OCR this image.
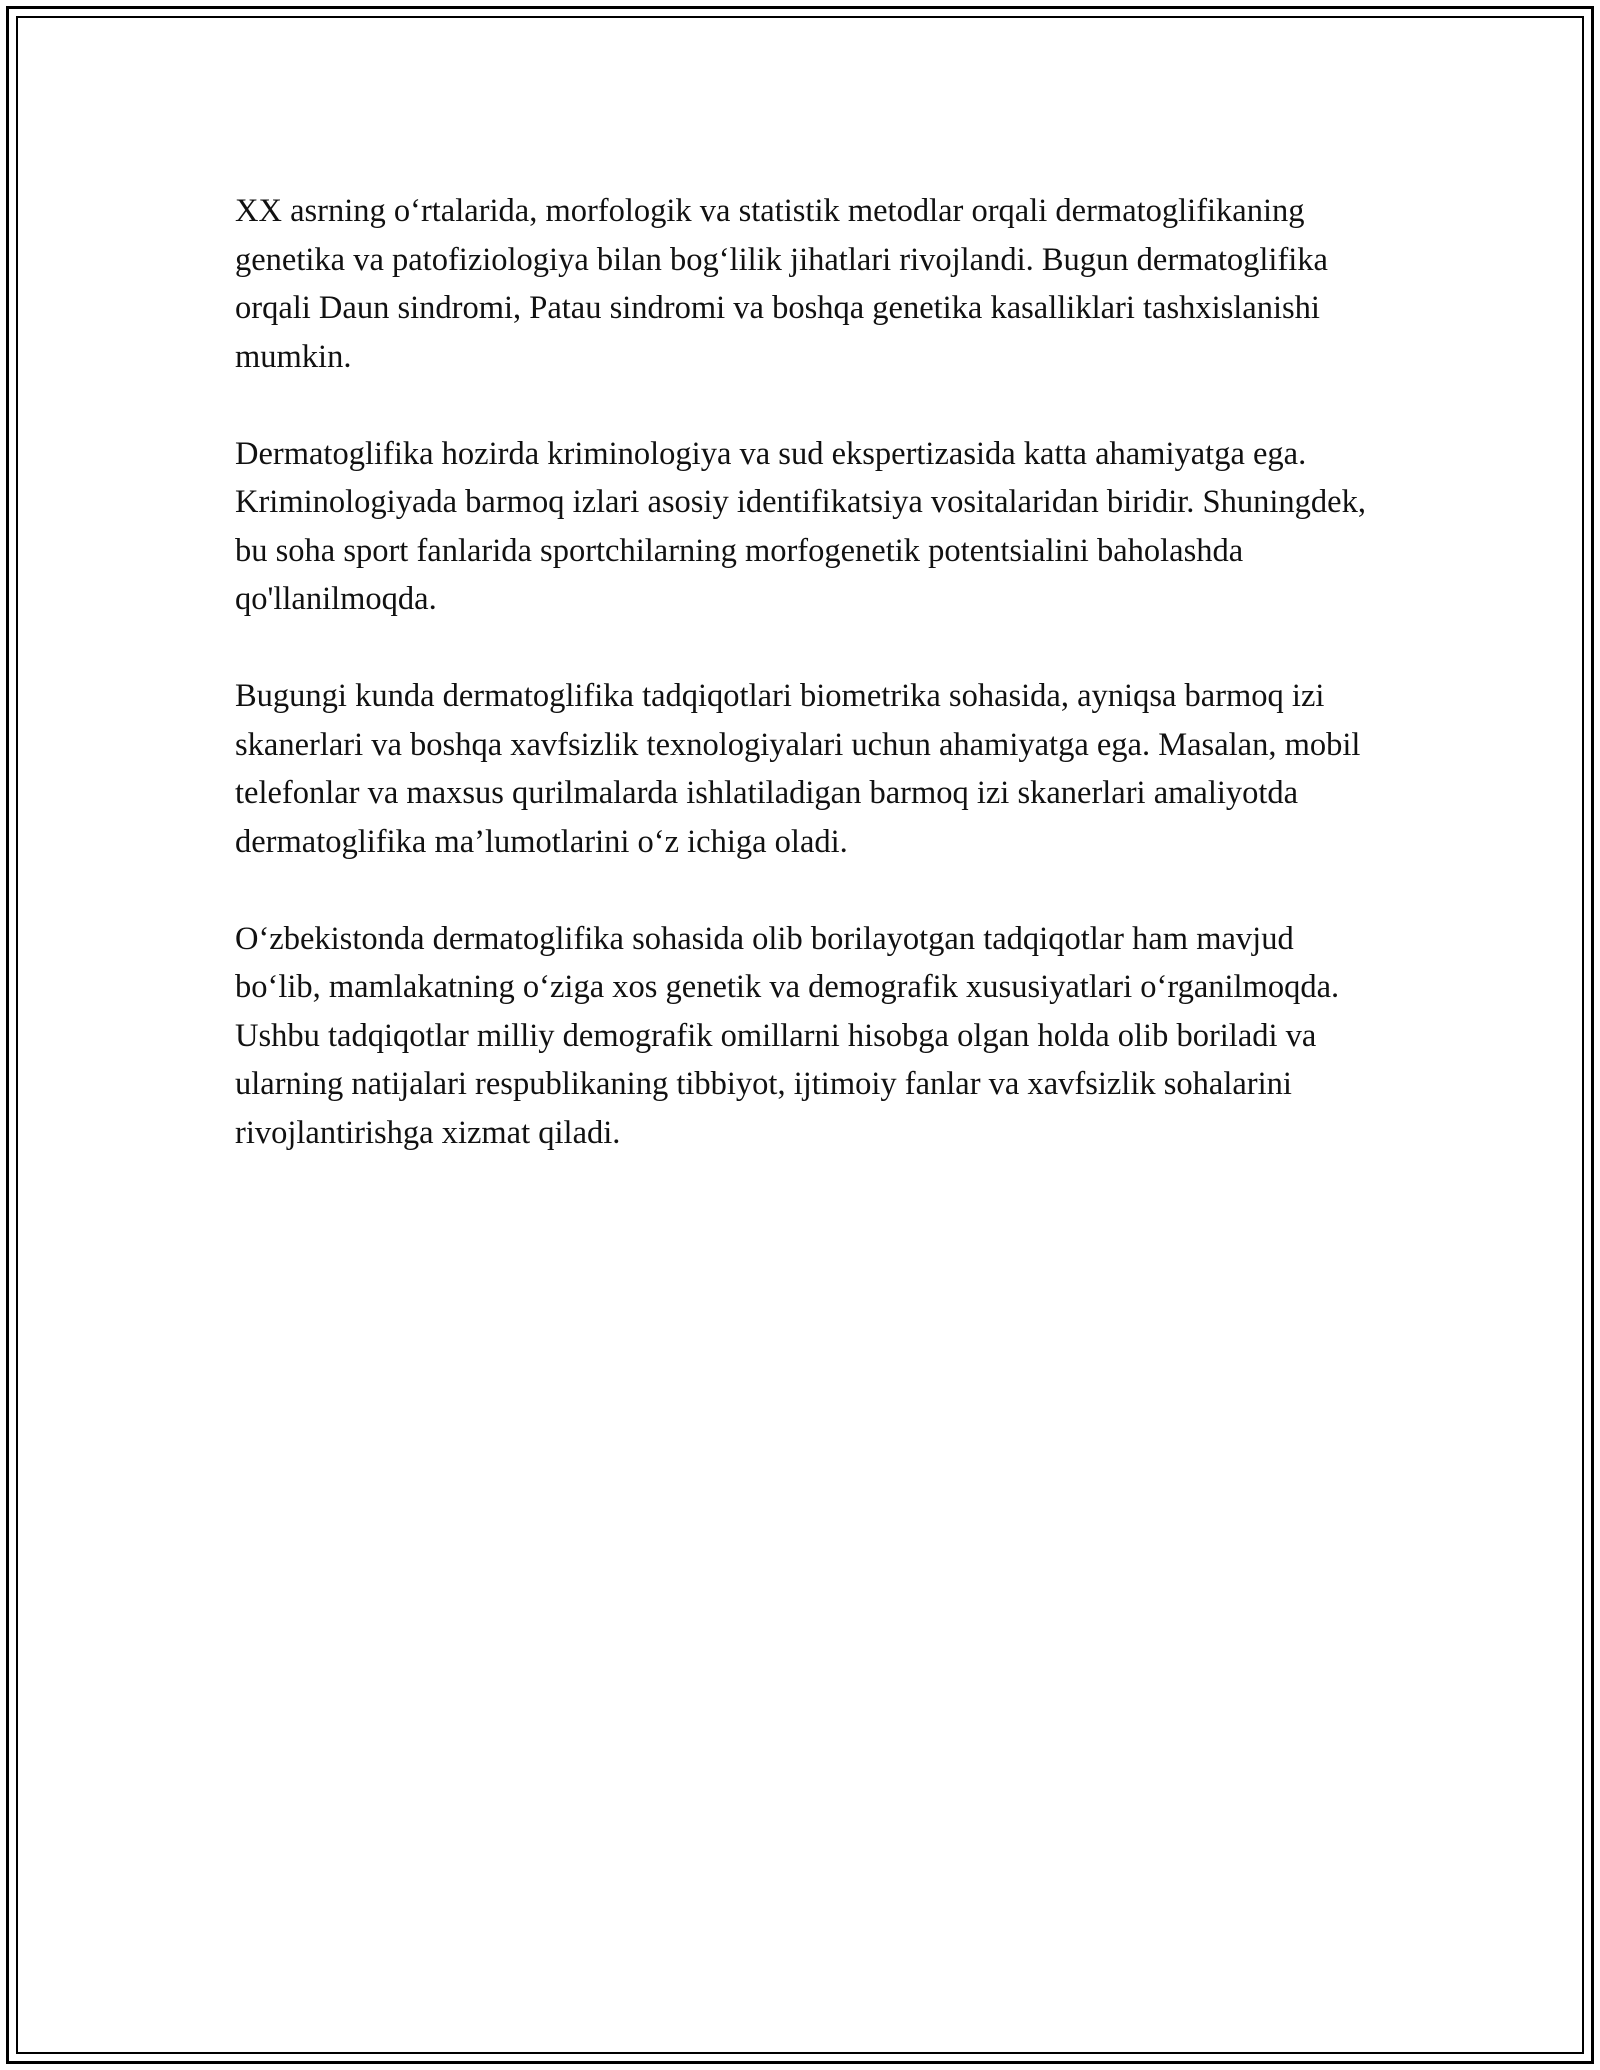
XX asrning o‘rtalarida, morfologik va statistik metodlar orqali dermatoglifikaning genetika va patofiziologiya bilan bog‘lilik jihatlari rivojlandi. Bugun dermatoglifika orqali Daun sindromi, Patau sindromi va boshqa genetika kasalliklari tashxislanishi mumkin.

Dermatoglifika hozirda kriminologiya va sud ekspertizasida katta ahamiyatga ega. Kriminologiyada barmoq izlari asosiy identifikatsiya vositalaridan biridir. Shuningdek, bu soha sport fanlarida sportchilarning morfogenetik potentsialini baholashda qo'llanilmoqda.

Bugungi kunda dermatoglifika tadqiqotlari biometrika sohasida, ayniqsa barmoq izi skanerlari va boshqa xavfsizlik texnologiyalari uchun ahamiyatga ega. Masalan, mobil telefonlar va maxsus qurilmalarda ishlatiladigan barmoq izi skanerlari amaliyotda dermatoglifika ma’lumotlarini o‘z ichiga oladi.

O‘zbekistonda dermatoglifika sohasida olib borilayotgan tadqiqotlar ham mavjud bo‘lib, mamlakatning o‘ziga xos genetik va demografik xususiyatlari o‘rganilmoqda. Ushbu tadqiqotlar milliy demografik omillarni hisobga olgan holda olib boriladi va ularning natijalari respublikaning tibbiyot, ijtimoiy fanlar va xavfsizlik sohalarini rivojlantirishga xizmat qiladi.
